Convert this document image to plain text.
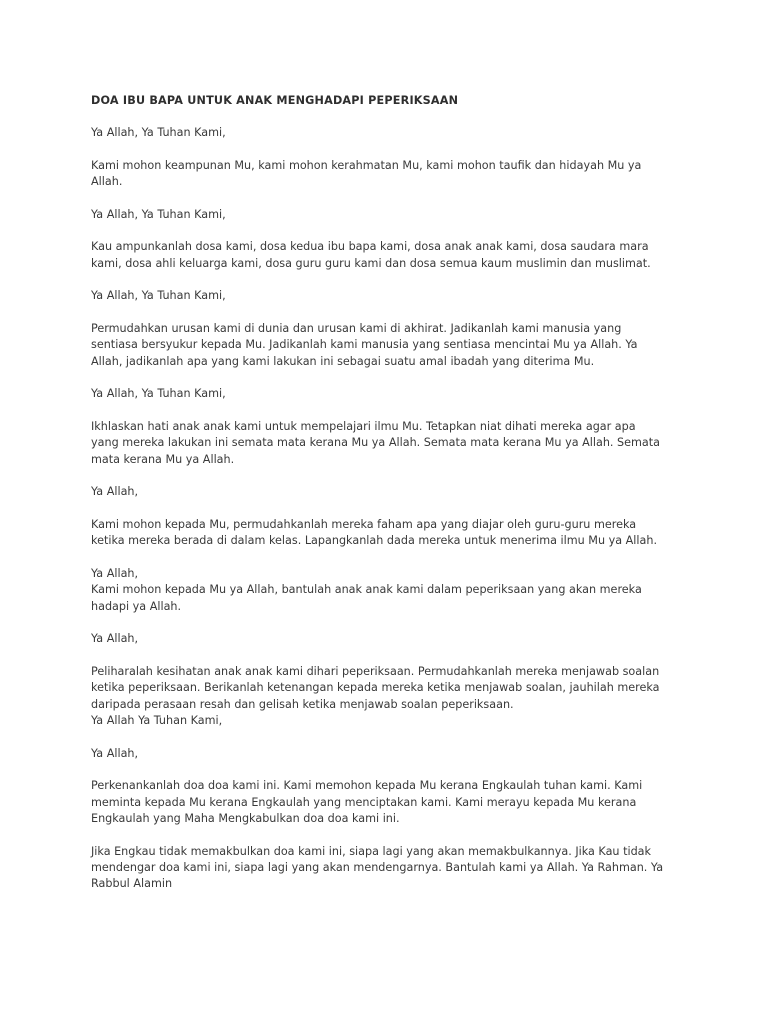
DOA IBU BAPA UNTUK ANAK MENGHADAPI PEPERIKSAAN
Ya Allah, Ya Tuhan Kami,
Kami mohon keampunan Mu, kami mohon kerahmatan Mu, kami mohon taufik dan hidayah Mu ya
Allah.
Ya Allah, Ya Tuhan Kami,
Kau ampunkanlah dosa kami, dosa kedua ibu bapa kami, dosa anak anak kami, dosa saudara mara
kami, dosa ahli keluarga kami, dosa guru guru kami dan dosa semua kaum muslimin dan muslimat.
Ya Allah, Ya Tuhan Kami,
Permudahkan urusan kami di dunia dan urusan kami di akhirat. Jadikanlah kami manusia yang
sentiasa bersyukur kepada Mu. Jadikanlah kami manusia yang sentiasa mencintai Mu ya Allah. Ya
Allah, jadikanlah apa yang kami lakukan ini sebagai suatu amal ibadah yang diterima Mu.
Ya Allah, Ya Tuhan Kami,
Ikhlaskan hati anak anak kami untuk mempelajari ilmu Mu. Tetapkan niat dihati mereka agar apa
yang mereka lakukan ini semata mata kerana Mu ya Allah. Semata mata kerana Mu ya Allah. Semata
mata kerana Mu ya Allah.
Ya Allah,
Kami mohon kepada Mu, permudahkanlah mereka faham apa yang diajar oleh guru-guru mereka
ketika mereka berada di dalam kelas. Lapangkanlah dada mereka untuk menerima ilmu Mu ya Allah.
Ya Allah,
Kami mohon kepada Mu ya Allah, bantulah anak anak kami dalam peperiksaan yang akan mereka
hadapi ya Allah.
Ya Allah,
Peliharalah kesihatan anak anak kami dihari peperiksaan. Permudahkanlah mereka menjawab soalan
ketika peperiksaan. Berikanlah ketenangan kepada mereka ketika menjawab soalan, jauhilah mereka
daripada perasaan resah dan gelisah ketika menjawab soalan peperiksaan.
Ya Allah Ya Tuhan Kami,
Ya Allah,
Perkenankanlah doa doa kami ini. Kami memohon kepada Mu kerana Engkaulah tuhan kami. Kami
meminta kepada Mu kerana Engkaulah yang menciptakan kami. Kami merayu kepada Mu kerana
Engkaulah yang Maha Mengkabulkan doa doa kami ini.
Jika Engkau tidak memakbulkan doa kami ini, siapa lagi yang akan memakbulkannya. Jika Kau tidak
mendengar doa kami ini, siapa lagi yang akan mendengarnya. Bantulah kami ya Allah. Ya Rahman. Ya
Rabbul Alamin
